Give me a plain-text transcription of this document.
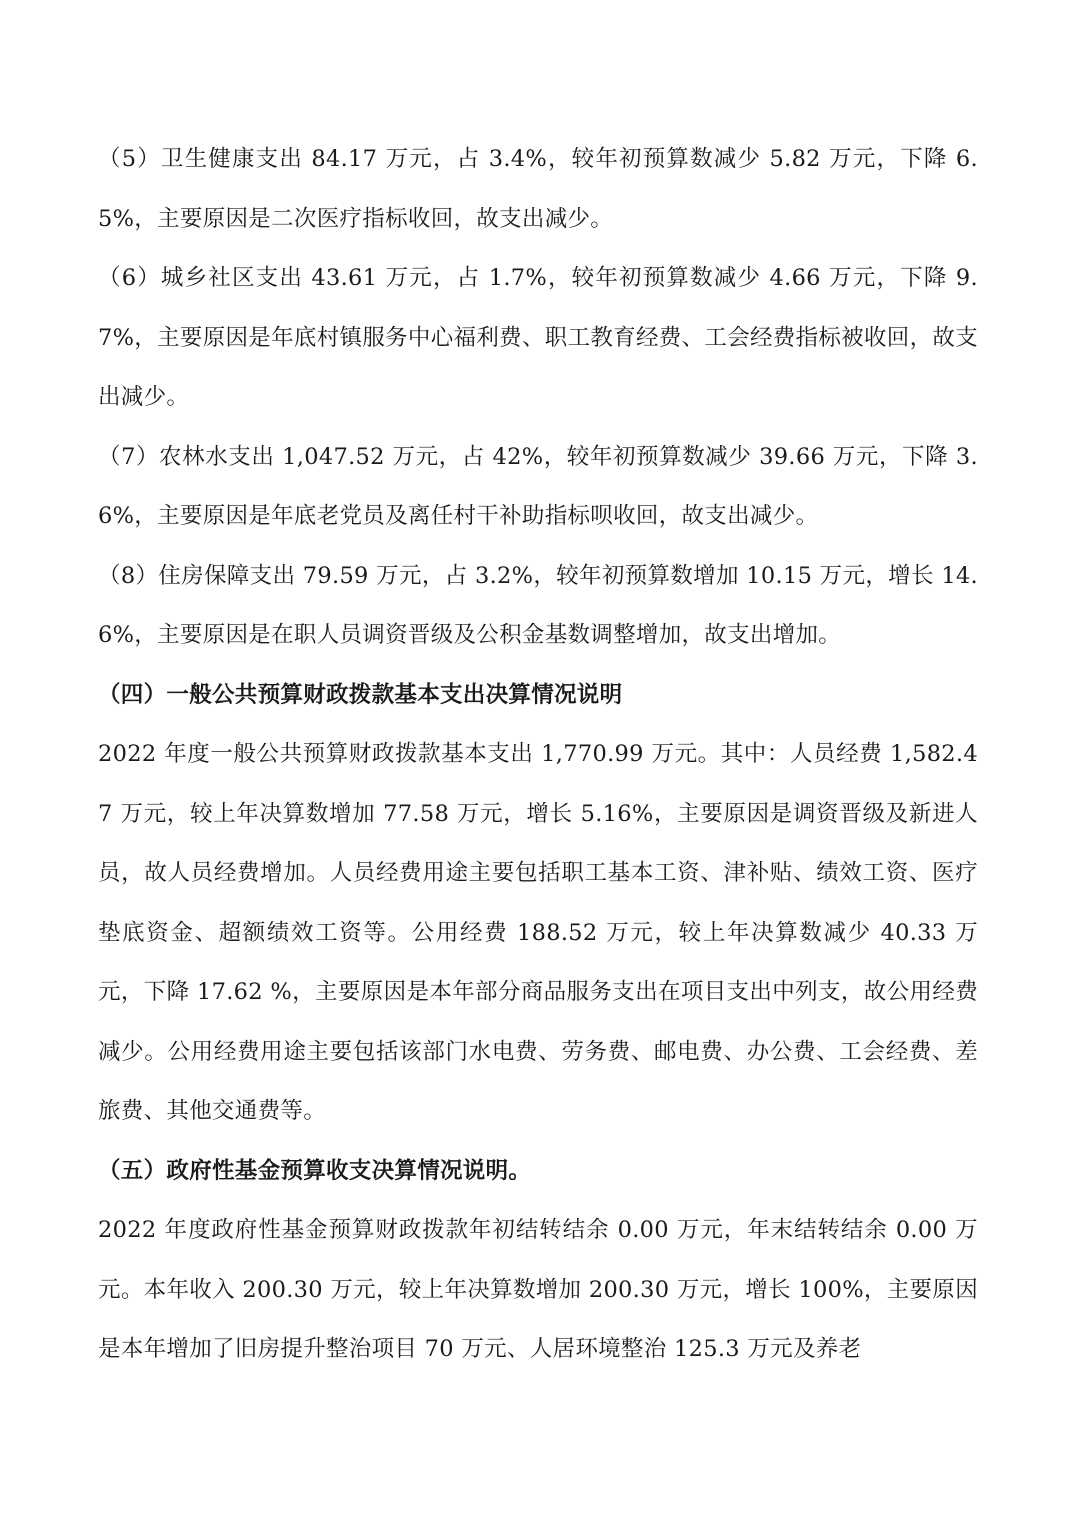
（5）卫生健康支出 84.17 万元，占 3.4%，较年初预算数减少 5.82 万元，下降 6.5%，主要原因是二次医疗指标收回，故支出减少。

（6）城乡社区支出 43.61 万元，占 1.7%，较年初预算数减少 4.66 万元，下降 9.7%，主要原因是年底村镇服务中心福利费、职工教育经费、工会经费指标被收回，故支出减少。

（7）农林水支出 1,047.52 万元，占 42%，较年初预算数减少 39.66 万元，下降 3.6%，主要原因是年底老党员及离任村干补助指标呗收回，故支出减少。

（8）住房保障支出 79.59 万元，占 3.2%，较年初预算数增加 10.15 万元，增长 14.6%，主要原因是在职人员调资晋级及公积金基数调整增加，故支出增加。

（四）一般公共预算财政拨款基本支出决算情况说明

2022 年度一般公共预算财政拨款基本支出 1,770.99 万元。其中：人员经费 1,582.47 万元，较上年决算数增加 77.58 万元，增长 5.16%，主要原因是调资晋级及新进人员，故人员经费增加。人员经费用途主要包括职工基本工资、津补贴、绩效工资、医疗垫底资金、超额绩效工资等。公用经费 188.52 万元，较上年决算数减少 40.33 万元，下降 17.62 %，主要原因是本年部分商品服务支出在项目支出中列支，故公用经费减少。公用经费用途主要包括该部门水电费、劳务费、邮电费、办公费、工会经费、差旅费、其他交通费等。

（五）政府性基金预算收支决算情况说明。

2022 年度政府性基金预算财政拨款年初结转结余 0.00 万元，年末结转结余 0.00 万元。本年收入 200.30 万元，较上年决算数增加 200.30 万元，增长 100%，主要原因是本年增加了旧房提升整治项目 70 万元、人居环境整治 125.3 万元及养老
